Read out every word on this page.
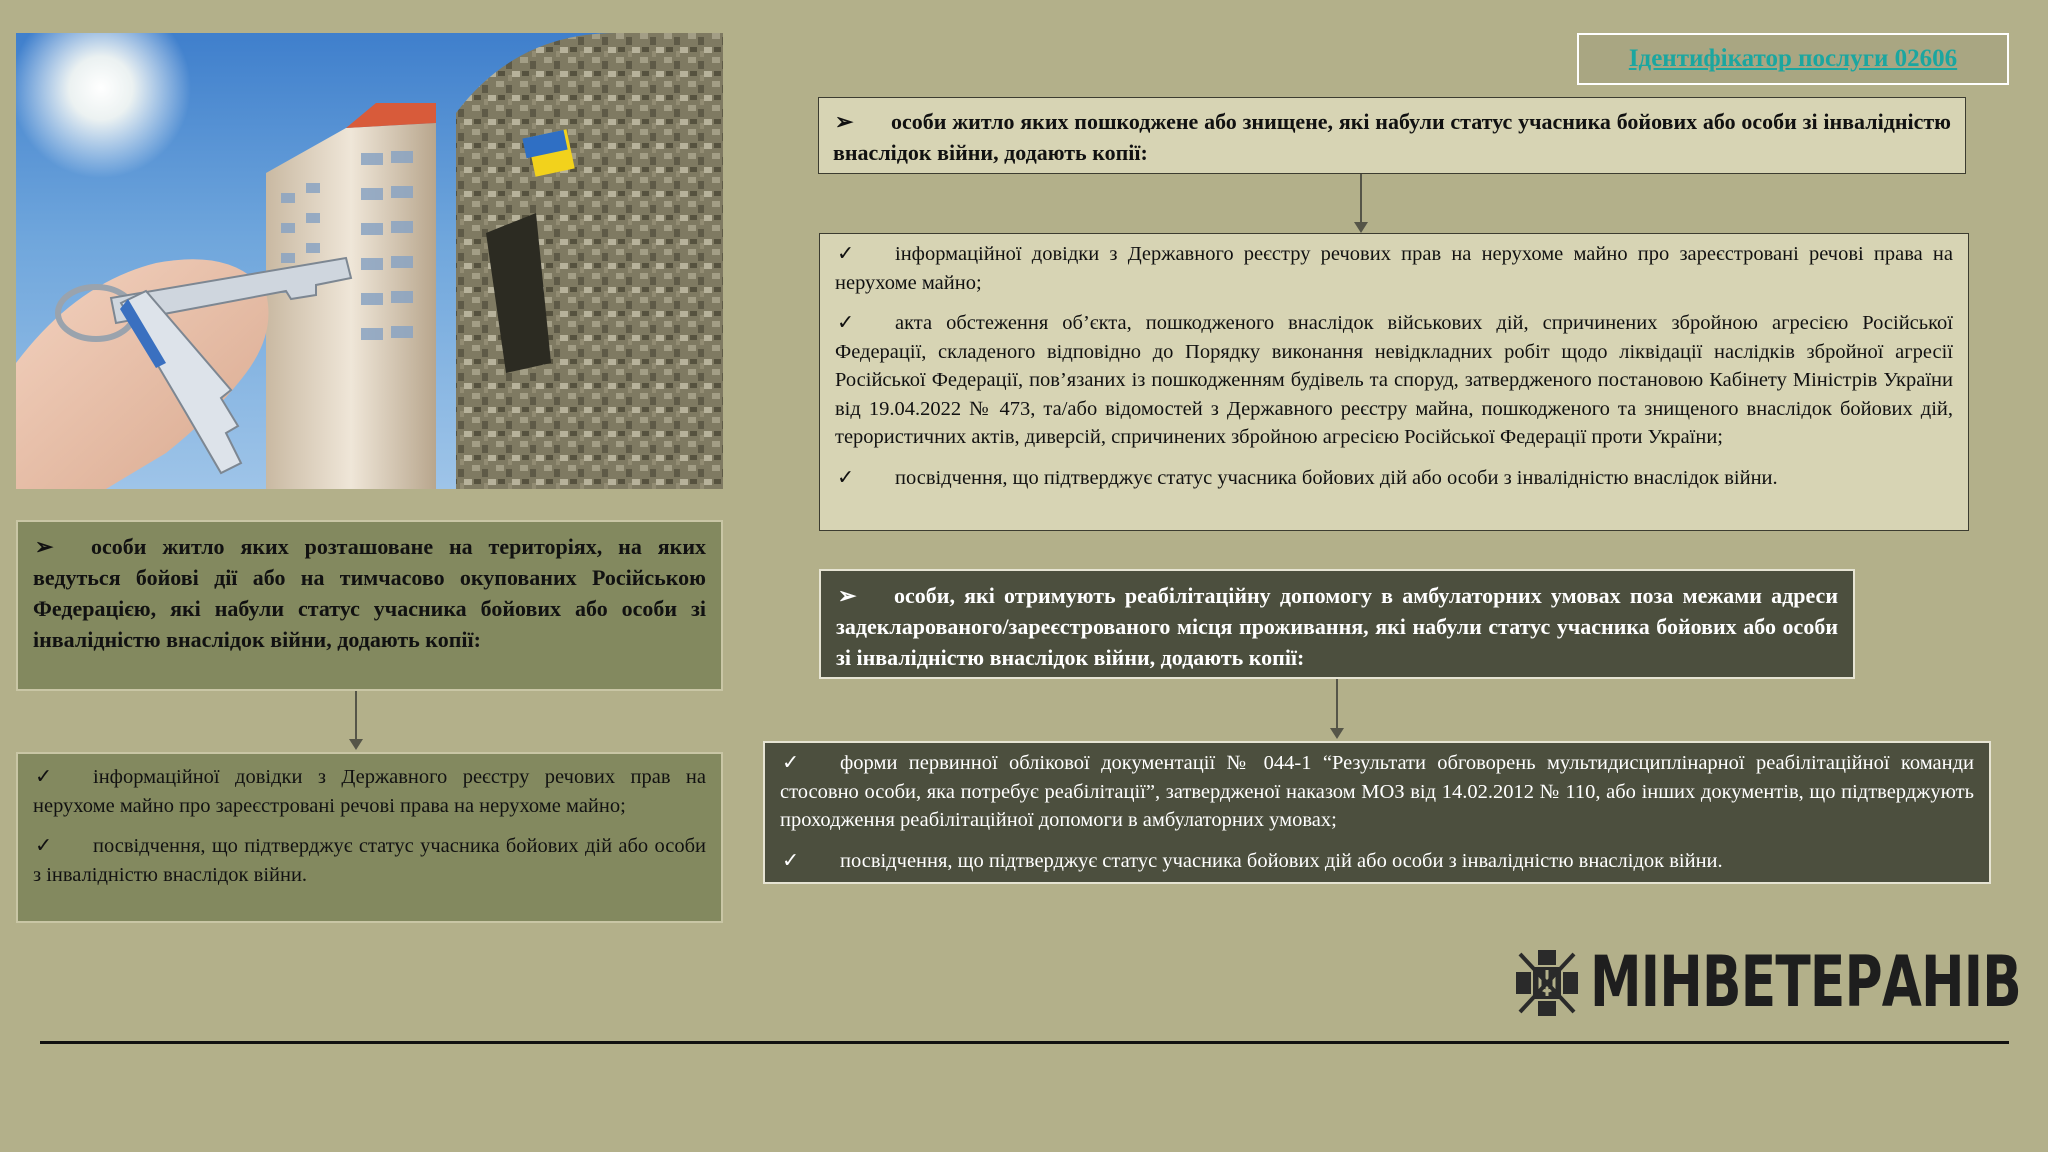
Ідентифікатор послуги 02606
➢ особи житло яких пошкоджене або знищене, які набули статус учасника бойових або особи зі інвалідністю внаслідок війни, додають копії:

✓ інформаційної довідки з Державного реєстру речових прав на нерухоме майно про зареєстровані речові права на нерухоме майно;

✓ акта обстеження об’єкта, пошкодженого внаслідок військових дій, спричинених збройною агресією Російської Федерації, складеного відповідно до Порядку виконання невідкладних робіт щодо ліквідації наслідків збройної агресії Російської Федерації, пов’язаних із пошкодженням будівель та споруд, затвердженого постановою Кабінету Міністрів України від 19.04.2022 № 473, та/або відомостей з Державного реєстру майна, пошкодженого та знищеного внаслідок бойових дій, терористичних актів, диверсій, спричинених збройною агресією Російської Федерації проти України;

✓ посвідчення, що підтверджує статус учасника бойових дій або особи з інвалідністю внаслідок війни.

➢ особи житло яких розташоване на територіях, на яких ведуться бойові дії або на тимчасово окупованих Російською Федерацією, які набули статус учасника бойових або особи зі інвалідністю внаслідок війни, додають копії:

✓ інформаційної довідки з Державного реєстру речових прав на нерухоме майно про зареєстровані речові права на нерухоме майно;

✓ посвідчення, що підтверджує статус учасника бойових дій або особи з інвалідністю внаслідок війни.

➢ особи, які отримують реабілітаційну допомогу в амбулаторних умовах поза межами адреси задекларованого/зареєстрованого місця проживання, які набули статус учасника бойових або особи зі інвалідністю внаслідок війни, додають копії:

✓ форми первинної облікової документації № 044-1 “Результати обговорень мультидисциплінарної реабілітаційної команди стосовно особи, яка потребує реабілітації”, затвердженої наказом МОЗ від 14.02.2012 № 110, або інших документів, що підтверджують проходження реабілітаційної допомоги в амбулаторних умовах;

✓ посвідчення, що підтверджує статус учасника бойових дій або особи з інвалідністю внаслідок війни.

МІНВЕТЕРАНІВ
